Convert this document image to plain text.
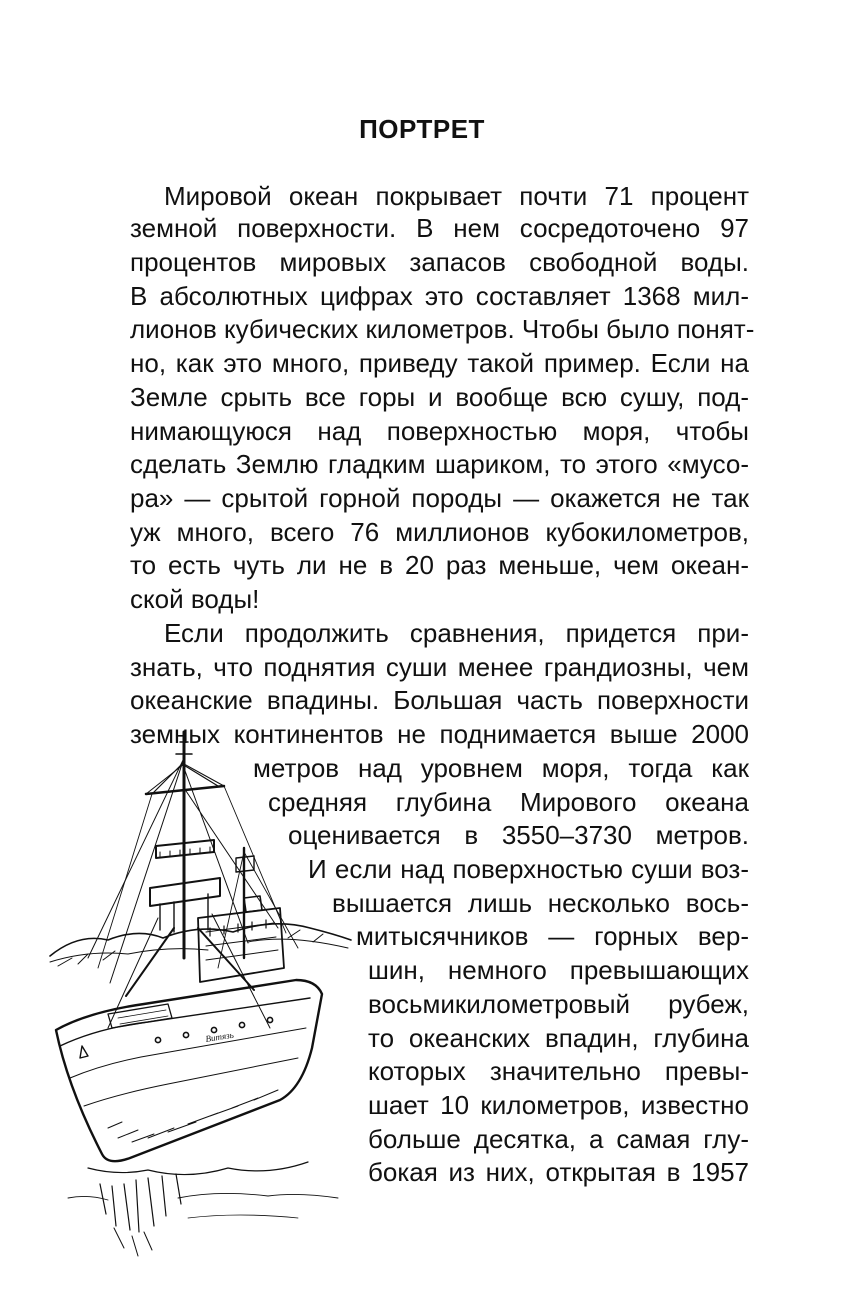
ПОРТРЕТ
Мировой океан покрывает почти 71 процент
земной поверхности. В нем сосредоточено 97
процентов мировых запасов свободной воды.
В абсолютных цифрах это составляет 1368 мил-
лионов кубических километров. Чтобы было понят-
но, как это много, приведу такой пример. Если на
Земле срыть все горы и вообще всю сушу, под-
нимающуюся над поверхностью моря, чтобы
сделать Землю гладким шариком, то этого «мусо-
ра» — срытой горной породы — окажется не так
уж много, всего 76 миллионов кубокилометров,
то есть чуть ли не в 20 раз меньше, чем океан-
ской воды!
Если продолжить сравнения, придется при-
знать, что поднятия суши менее грандиозны, чем
океанские впадины. Большая часть поверхности
земных континентов не поднимается выше 2000
метров над уровнем моря, тогда как
средняя глубина Мирового океана
оценивается в 3550–3730 метров.
И если над поверхностью суши воз-
вышается лишь несколько вось-
митысячников — горных вер-
шин, немного превышающих
восьмикилометровый рубеж,
то океанских впадин, глубина
которых значительно превы-
шает 10 километров, известно
больше десятка, а самая глу-
бокая из них, открытая в 1957
Витязь
